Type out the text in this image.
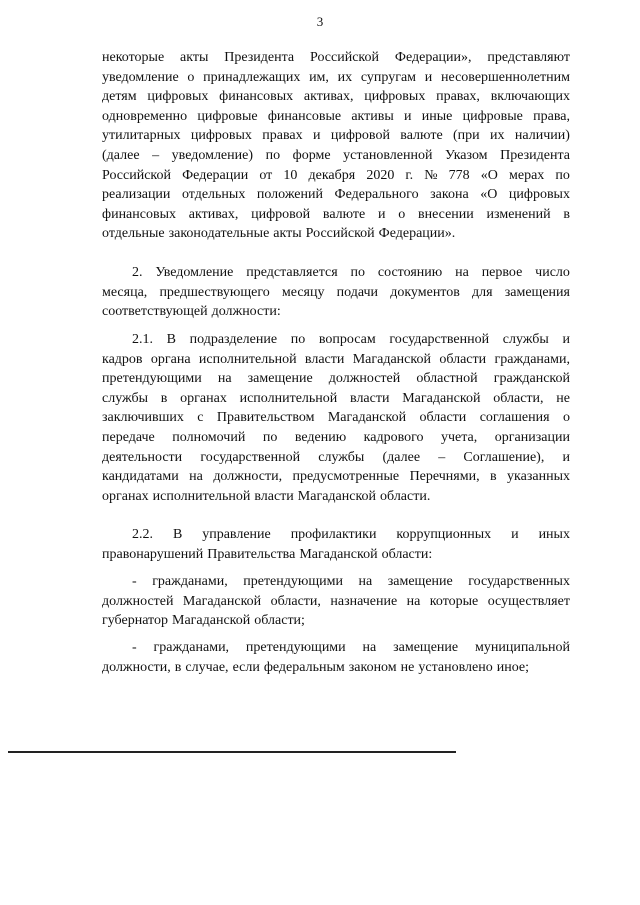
3
некоторые акты Президента Российской Федерации», представляют
уведомление о принадлежащих им, их супругам и несовершеннолетним
детям цифровых финансовых активах, цифровых правах, включающих
одновременно цифровые финансовые активы и иные цифровые права,
утилитарных цифровых правах и цифровой валюте (при их наличии)
(далее – уведомление) по форме установленной Указом Президента
Российской Федерации от 10 декабря 2020 г. № 778 «О мерах по
реализации отдельных положений Федерального закона «О цифровых
финансовых активах, цифровой валюте и о внесении изменений в
отдельные законодательные акты Российской Федерации».
2. Уведомление представляется по состоянию на первое число
месяца, предшествующего месяцу подачи документов для замещения
соответствующей должности:
2.1. В подразделение по вопросам государственной службы и
кадров органа исполнительной власти Магаданской области гражданами,
претендующими на замещение должностей областной гражданской
службы в органах исполнительной власти Магаданской области, не
заключивших с Правительством Магаданской области соглашения о
передаче полномочий по ведению кадрового учета, организации
деятельности государственной службы (далее – Соглашение), и
кандидатами на должности, предусмотренные Перечнями, в указанных
органах исполнительной власти Магаданской области.
2.2. В управление профилактики коррупционных и иных
правонарушений Правительства Магаданской области:
- гражданами, претендующими на замещение государственных
должностей Магаданской области, назначение на которые осуществляет
губернатор Магаданской области;
- гражданами, претендующими на замещение муниципальной
должности, в случае, если федеральным законом не установлено иное;
